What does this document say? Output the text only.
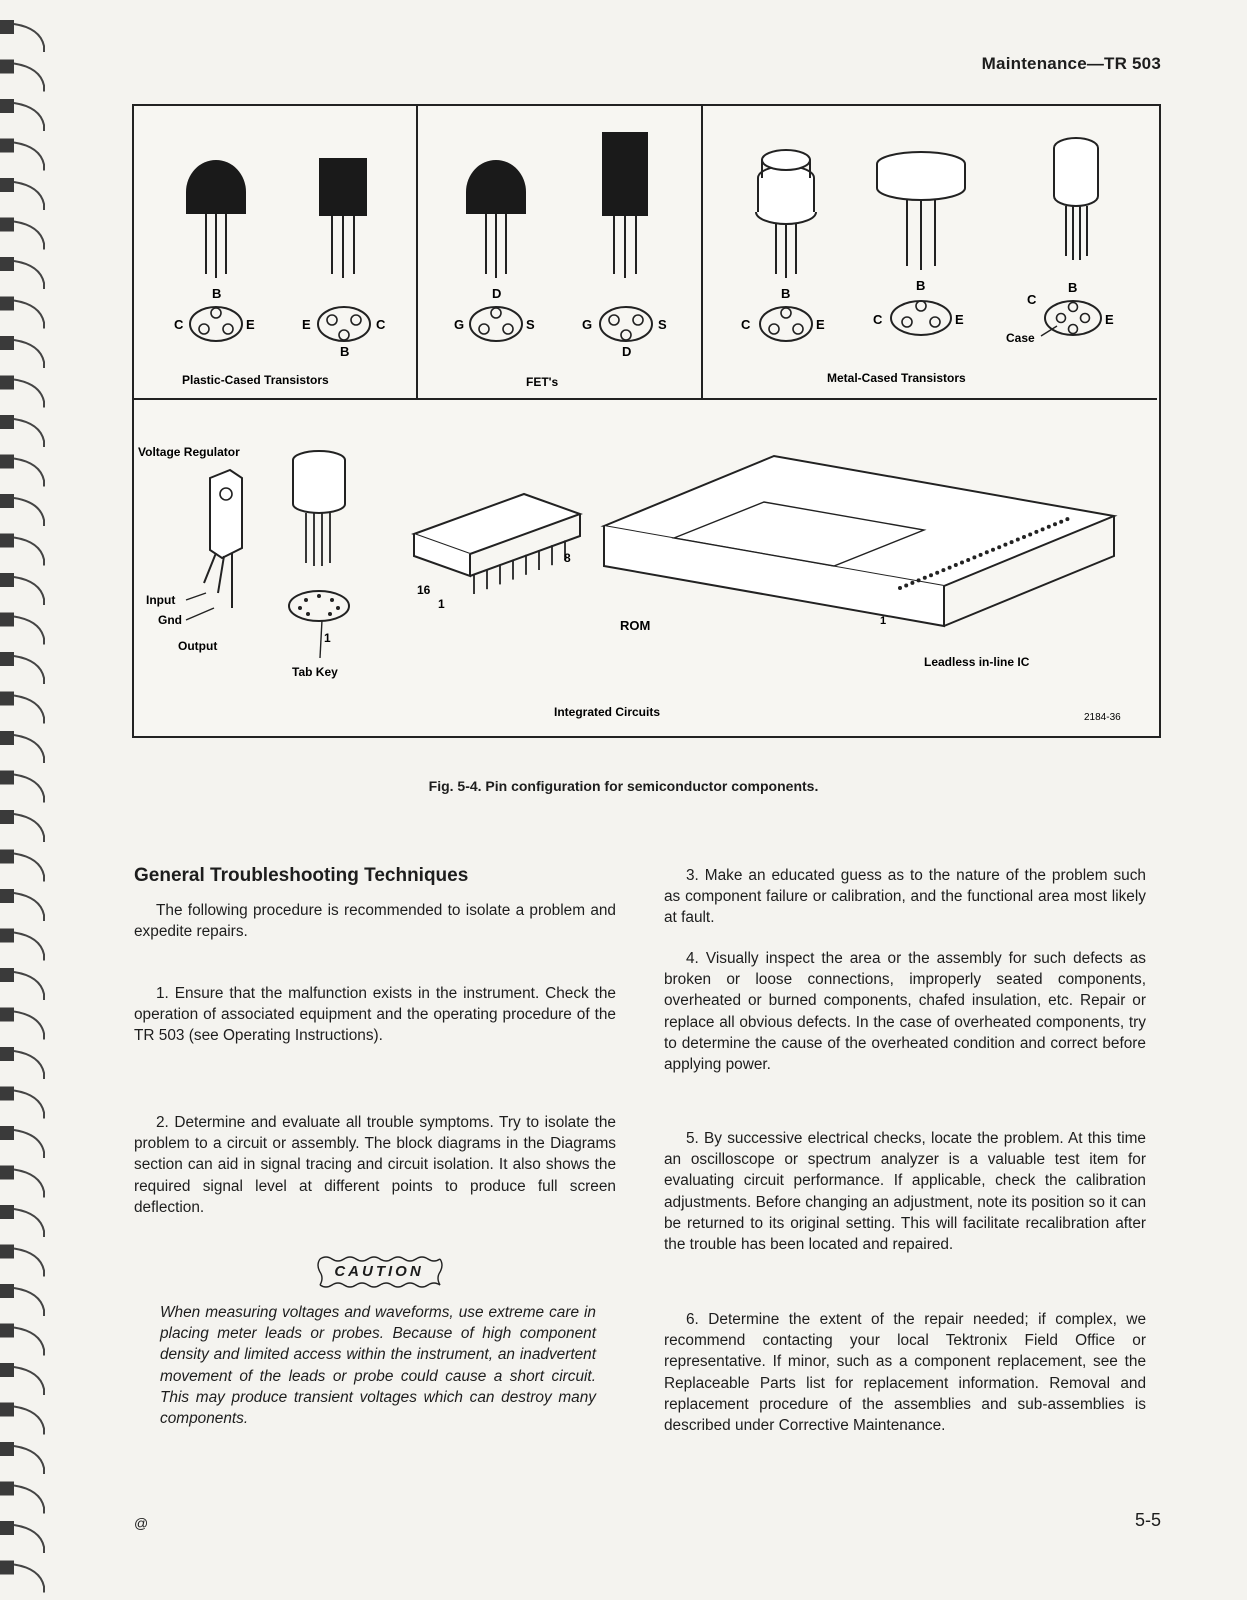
Maintenance—TR 503
B
C	E	E	C
B
Plastic-Cased Transistors
D
G	S	G	S
D
FET's
B
C	E
B
C	E
B
C
E
Case
Metal-Cased Transistors
Voltage Regulator
Input
Gnd
Output
1
Tab Key
16
1
8
ROM	1
Leadless in-line IC
Integrated Circuits	2184-36
Fig. 5-4. Pin configuration for semiconductor components.
General Troubleshooting Techniques
The following procedure is recommended to isolate a problem and expedite repairs.
1. Ensure that the malfunction exists in the instrument. Check the operation of associated equipment and the operating procedure of the TR 503 (see Operating Instructions).
2. Determine and evaluate all trouble symptoms. Try to isolate the problem to a circuit or assembly. The block diagrams in the Diagrams section can aid in signal tracing and circuit isolation. It also shows the required signal level at different points to produce full screen deflection.
CAUTION
When measuring voltages and waveforms, use extreme care in placing meter leads or probes. Because of high component density and limited access within the instrument, an inadvertent movement of the leads or probe could cause a short circuit. This may produce transient voltages which can destroy many components.
3. Make an educated guess as to the nature of the problem such as component failure or calibration, and the functional area most likely at fault.
4. Visually inspect the area or the assembly for such defects as broken or loose connections, improperly seated components, overheated or burned components, chafed insulation, etc. Repair or replace all obvious defects. In the case of overheated components, try to determine the cause of the overheated condition and correct before applying power.
5. By successive electrical checks, locate the problem. At this time an oscilloscope or spectrum analyzer is a valuable test item for evaluating circuit performance. If applicable, check the calibration adjustments. Before changing an adjustment, note its position so it can be returned to its original setting. This will facilitate recalibration after the trouble has been located and repaired.
6. Determine the extent of the repair needed; if complex, we recommend contacting your local Tektronix Field Office or representative. If minor, such as a component replacement, see the Replaceable Parts list for replacement information. Removal and replacement procedure of the assemblies and sub-assemblies is described under Corrective Maintenance.
@	5-5
